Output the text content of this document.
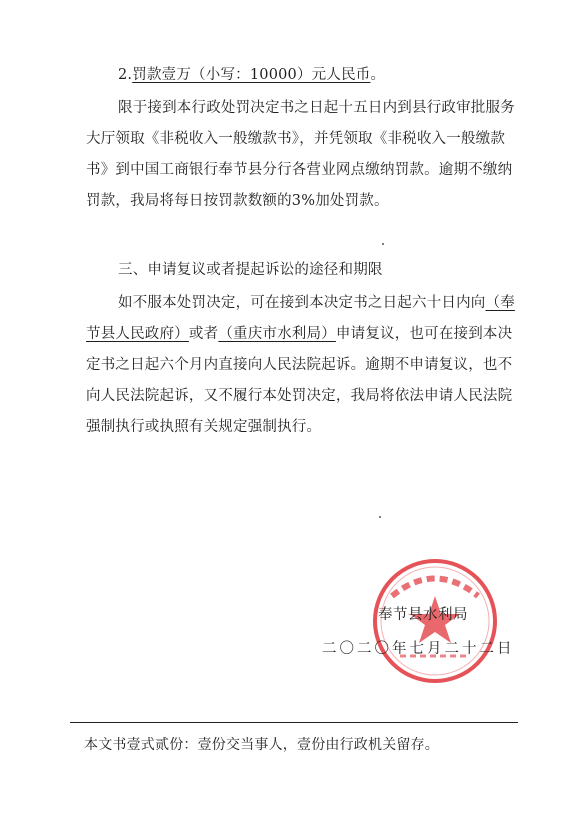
2.罚款壹万（小写：10000）元人民币。

限于接到本行政处罚决定书之日起十五日内到县行政审批服务大厅领取《非税收入一般缴款书》，并凭领取《非税收入一般缴款书》到中国工商银行奉节县分行各营业网点缴纳罚款。逾期不缴纳罚款，我局将每日按罚款数额的3%加处罚款。

三、申请复议或者提起诉讼的途径和期限

如不服本处罚决定，可在接到本决定书之日起六十日内向（奉节县人民政府）或者（重庆市水利局）申请复议，也可在接到本决定书之日起六个月内直接向人民法院起诉。逾期不申请复议，也不向人民法院起诉，又不履行本处罚决定，我局将依法申请人民法院强制执行或执照有关规定强制执行。

奉节县水利局
二〇二〇年七月二十二日
本文书壹式贰份：壹份交当事人，壹份由行政机关留存。
